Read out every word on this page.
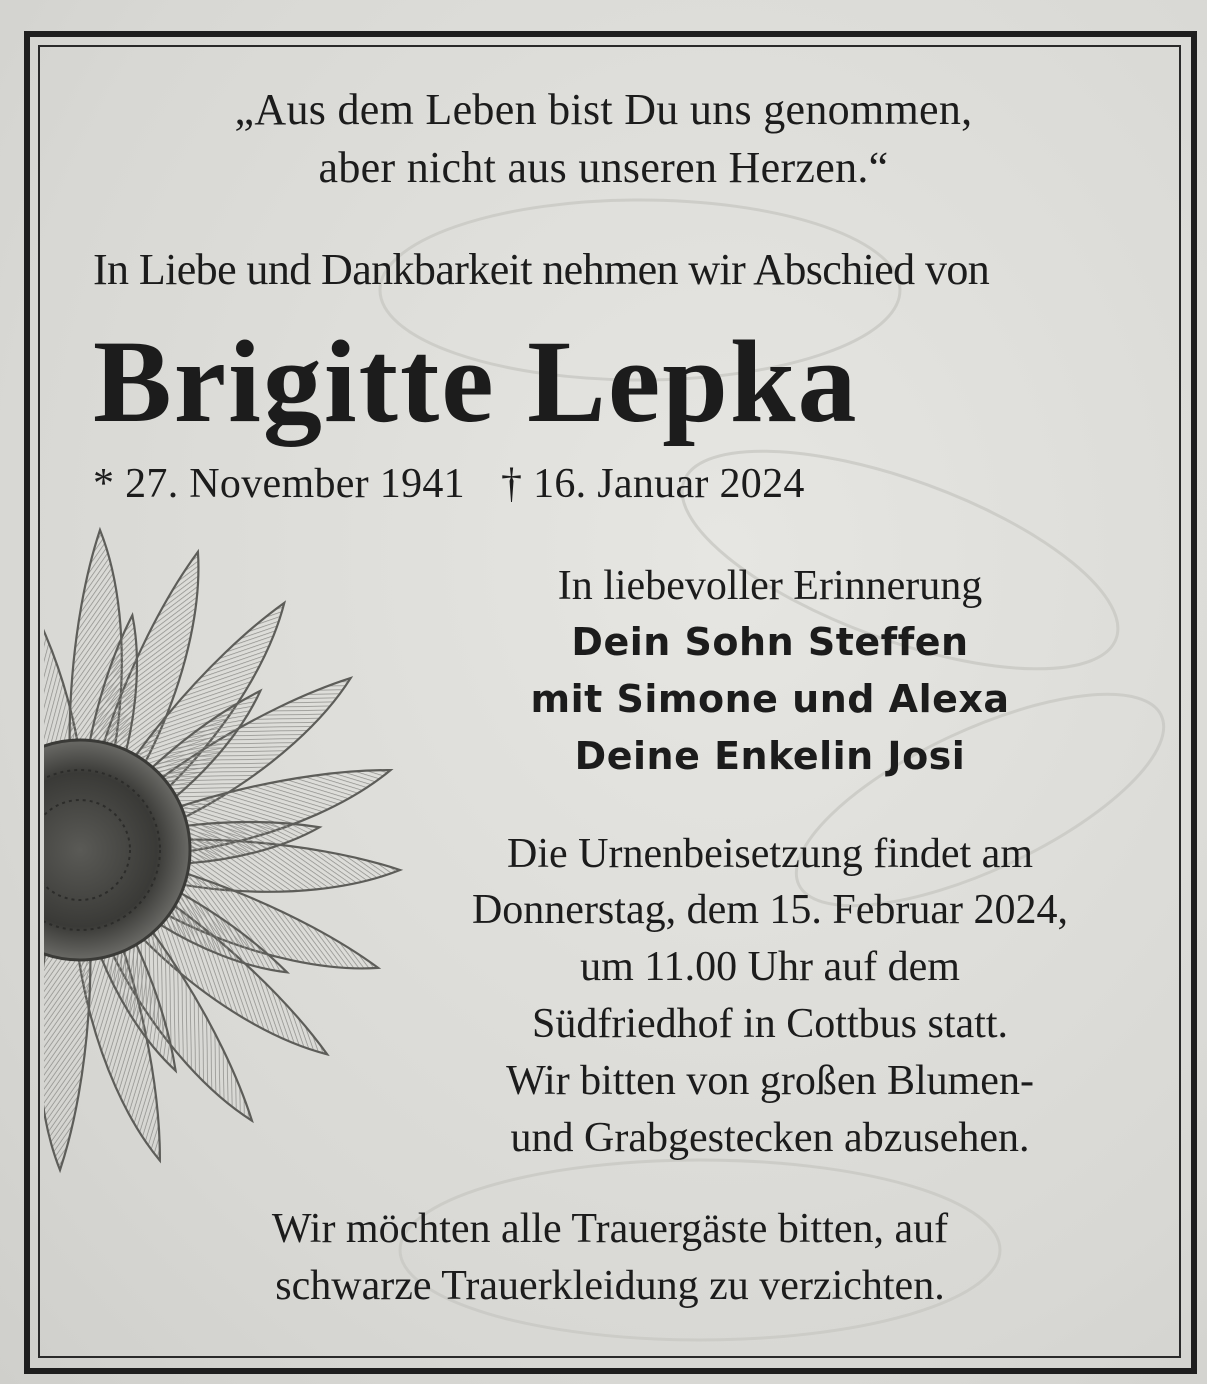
„Aus dem Leben bist Du uns genommen,
aber nicht aus unseren Herzen.“
In Liebe und Dankbarkeit nehmen wir Abschied von
Brigitte Lepka
* 27. November 1941 † 16. Januar 2024
In liebevoller Erinnerung
Dein Sohn Steffen
mit Simone und Alexa
Deine Enkelin Josi
Die Urnenbeisetzung findet am
Donnerstag, dem 15. Februar 2024,
um 11.00 Uhr auf dem
Südfriedhof in Cottbus statt.
Wir bitten von großen Blumen-
und Grabgestecken abzusehen.
Wir möchten alle Trauergäste bitten, auf
schwarze Trauerkleidung zu verzichten.
